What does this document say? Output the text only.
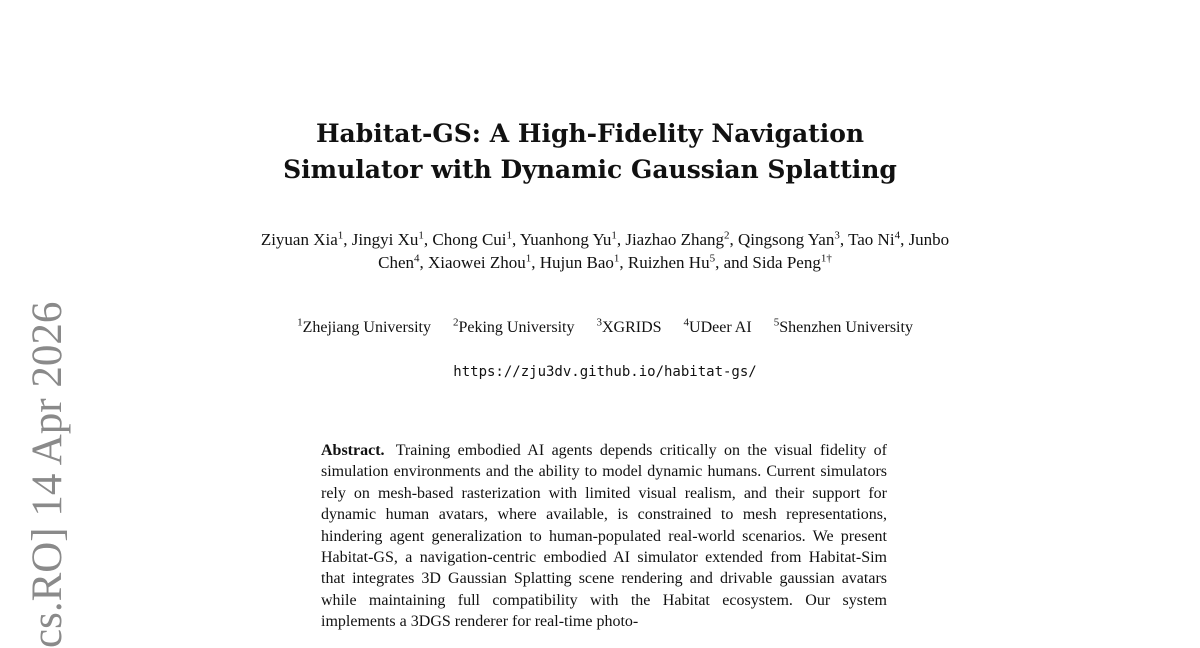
cs.RO] 14 Apr 2026
Habitat-GS: A High-Fidelity Navigation
Simulator with Dynamic Gaussian Splatting
Ziyuan Xia$^1$, Jingyi Xu$^1$, Chong Cui$^1$, Yuanhong Yu$^1$, Jiazhao Zhang$^2$, Qingsong Yan$^3$, Tao Ni$^4$, Junbo Chen$^4$, Xiaowei Zhou$^1$, Hujun Bao$^1$, Ruizhen Hu$^5$, and Sida Peng$^{1\dagger}$
$^1$Zhejiang University $^2$Peking University $^3$XGRIDS $^4$UDeer AI $^5$Shenzhen University
https://zju3dv.github.io/habitat-gs/
Abstract. Training embodied AI agents depends critically on the visual fidelity of simulation environments and the ability to model dynamic humans. Current simulators rely on mesh-based rasterization with limited visual realism, and their support for dynamic human avatars, where available, is constrained to mesh representations, hindering agent generalization to human-populated real-world scenarios. We present Habitat-GS, a navigation-centric embodied AI simulator extended from Habitat-Sim that integrates 3D Gaussian Splatting scene rendering and drivable gaussian avatars while maintaining full compatibility with the Habitat ecosystem. Our system implements a 3DGS renderer for real-time photo-
